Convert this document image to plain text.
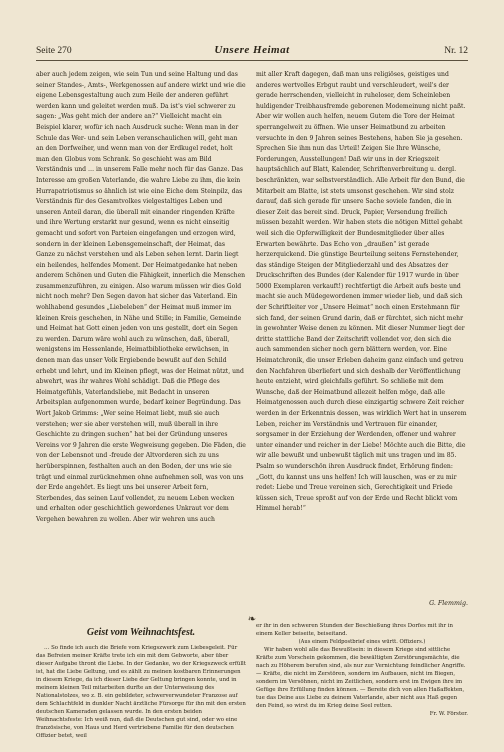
Seite 270	Unsere Heimat	Nr. 12

aber auch jedem zeigen, wie sein Tun und seine Haltung und das seiner Standes-, Amts-, Werkgenossen auf andere wirkt und wie die eigene Lebensgestaltung auch zum Heile der anderen geführt werden kann und geleitet werden muß. Da ist's viel schwerer zu sagen: „Was geht mich der andere an?“ Vielleicht macht ein Beispiel klarer, wofür ich nach Ausdruck suche: Wenn man in der Schule das Wer- und sein Leben veranschaulichen will, geht man an den Dorfweiher, und wenn man von der Erdkugel redet, holt man den Globus vom Schrank. So geschieht was am Bild Verständnis und … in unserem Falle mehr noch für das Ganze. Das Interesse am großen Vaterlande, die wahre Liebe zu ihm, die kein Hurrapatriotismus so ähnlich ist wie eine Eiche dem Steinpilz, das Verständnis für des Gesamtvolkes vielgestaltiges Leben und unseren Anteil daran, die überall mit einander ringenden Kräfte und ihre Wertung erstarkt nur gesund, wenn es nicht einseitig gemacht und sofort von Parteien eingefangen und erzogen wird, sondern in der kleinen Lebensgemeinschaft, der Heimat, das Ganze zu nächst verstehen und als Leben sehen lernt. Darin liegt ein heilendes, helfendes Moment. Der Heimatgedanke hat neben anderem Schönen und Guten die Fähigkeit, innerlich die Menschen zusammenzuführen, zu einigen. Also warum müssen wir dies Gold nicht noch mehr? Den Segen davon hat sicher das Vaterland. Ein wohlhabend gesundes „Liebeleben“ der Heimat muß immer im kleinen Kreis geschehen, in Nähe und Stille; in Familie, Gemeinde und Heimat hat Gott einen jeden von uns gestellt, dort ein Segen zu werden. Darum wäre wohl auch zu wünschen, daß, überall, wenigstens im Hessenlande, Heimatbibliotheke erwüchsen, in denen man das unser Volk Ergiebende bewußt auf den Schild erhebt und lehrt, und im Kleinen pflegt, was der Heimat nützt, und abwehrt, was ihr wahres Wohl schädigt. Daß die Pflege des Heimatgefühls, Vaterlandsliebe, mit Bedacht in unseren Arbeitsplan aufgenommen wurde, bedarf keiner Begründung. Das Wort Jakob Grimms: „Wer seine Heimat liebt, muß sie auch verstehen; wer sie aber verstehen will, muß überall in ihre Geschichte zu dringen suchen“ hat bei der Gründung unseres Vereins vor 9 Jahren die erste Wegweisung gegeben. Die Fäden, die von der Lebensnot und -freude der Altvorderen sich zu uns herüberspinnen, festhalten auch an den Boden, der uns wie sie trägt und einmal zurücknehmen ohne aufnehmen soll, was von uns der Erde angehört. Es liegt uns bei unserer Arbeit fern, Sterbendes, das seinen Lauf vollendet, zu neuem Leben wecken und erhalten oder geschichtlich gewordenes Unkraut vor dem Vergehen bewahren zu wollen. Aber wir wehren uns auch

mit aller Kraft dagegen, daß man uns religiöses, geistiges und anderes wertvolles Erbgut raubt und verschleudert, weil's der gerade herrschenden, vielleicht in ruheloser, dem Scheinleben huldigender Treibhausfremde geborenen Modemeinung nicht paßt. Aber wir wollen auch helfen, neuem Gutem die Tore der Heimat sperrangelweit zu öffnen. Wie unser Heimatbund zu arbeiten versuchte in den 9 Jahren seines Bestehens, haben Sie ja gesehen. Sprechen Sie ihm nun das Urteil! Zeigen Sie Ihre Wünsche, Forderungen, Ausstellungen! Daß wir uns in der Kriegszeit hauptsächlich auf Blatt, Kalender, Schriftenverbreitung u. dergl. beschränkten, war selbstverständlich. Alle Arbeit für den Bund, die Mitarbeit am Blatte, ist stets umsonst geschehen. Wir sind stolz darauf, daß sich gerade für unsere Sache soviele fanden, die in dieser Zeit das bereit sind. Druck, Papier, Versendung freilich müssen bezahlt werden. Wir haben stets die nötigen Mittel gehabt weil sich die Opferwilligkeit der Bundesmitglieder über alles Erwarten bewährte. Das Echo von „draußen“ ist gerade herzerquickend. Die günstige Beurteilung seitens Fernstehender, das ständige Steigen der Mitgliederzahl und des Absatzes der Druckschriften des Bundes (der Kalender für 1917 wurde in über 5000 Exemplaren verkauft!) rechtfertigt die Arbeit aufs beste und macht sie auch Müdegewordenen immer wieder lieb, und daß sich der Schriftleiter vor „Unsere Heimat“ noch einen Erstehmann für sich fand, der seinen Grund darin, daß er fürchtet, sich nicht mehr in gewohnter Weise denen zu können. Mit dieser Nummer liegt der dritte stattliche Band der Zeitschrift vollendet vor, den sich die auch sammenden sicher noch gern blättern werden, vor. Eine Heimatchronik, die unser Erleben daheim ganz einfach und getreu den Nachfahren überliefert und sich deshalb der Veröffentlichung heute entzieht, wird gleichfalls geführt. So schließe mit dem Wunsche, daß der Heimatbund allezeit helfen möge, daß alle Heimatgenossen auch durch diese einzigartig schwere Zeit reicher werden in der Erkenntnis dessen, was wirklich Wert hat in unserem Leben, reicher im Verständnis und Vertrauen für einander, sorgsamer in der Erziehung der Werdenden, offener und wahrer unter einander und reicher in der Liebe! Möchte auch die Bitte, die wir alle bewußt und unbewußt täglich mit uns tragen und im 85. Psalm so wunderschön ihren Ausdruck findet, Erhörung finden: „Gott, du kannst uns uns helfen! Ich will lauschen, was er zu mir redet: Liebe und Treue vereinen sich, Gerechtigkeit und Friede küssen sich, Treue sproßt auf von der Erde und Recht blickt vom Himmel herab!“

G. Flemmig.
❧
Geist vom Weihnachtsfest.

… So finde ich auch die Briefe vom Kriegszwerk zum Liebesgeleit. Für das Befreien meiner Kräfte trete ich ein mit dem Gebworte, aber über dieser Aufgabe thront die Liebe. In der Gedanke, wo der Kriegszweck erfüllt ist, hat die Liebe Geltung, und es zählt zu meinen kostbaren Erinnerungen in diesem Kriege, da ich dieser Liebe der Geltung bringen konnte, und in meinem kleinen Teil mitarbeiten durfte an der Unterweisung des Nationalstolzes, wo z. B. ein gebildeter, schwerverwundeter Franzose auf dem Schlachtfeld in dunkler Nacht ärztliche Fürsorge für ihn mit den ersten deutschen Kameraden gelassen wurde. In den ersten beiden Weihnachtsfeste: Ich weiß nun, daß die Deutschen gut sind, oder wo eine französische, von Haus und Herd vertriebene Familie für den deutschen Offizier betet, weil

er ihr in den schweren Stunden der Beschießung ihres Dorfes mit ihr in einem Keller beiseite, beiseitand.

(Aus einem Feldpostbrief eines württ. Offiziers.)

Wir haben wohl alle das Bewußtsein: in diesem Kriege sind sittliche Kräfte zum Vorschein gekommen, die bewältigten Zerstörungsmächte, die nach zu Höherem berufen sind, als nur zur Vernichtung feindlicher Angriffe. — Kräfte, die nicht im Zerstören, sondern im Aufbauen, nicht im Biegen, sondern im Versöhnen, nicht im Zeitlichen, sondern erst im Ewigen ihre im Gefüge ihre Erfüllung finden können. — Bereite dich von allen Haßaffekten, tue das Deine aus Liebe zu deinem Vaterlande, aber nicht aus Haß gegen den Feind, so wirst du im Krieg deine Seel retten.

Fr. W. Förster.
